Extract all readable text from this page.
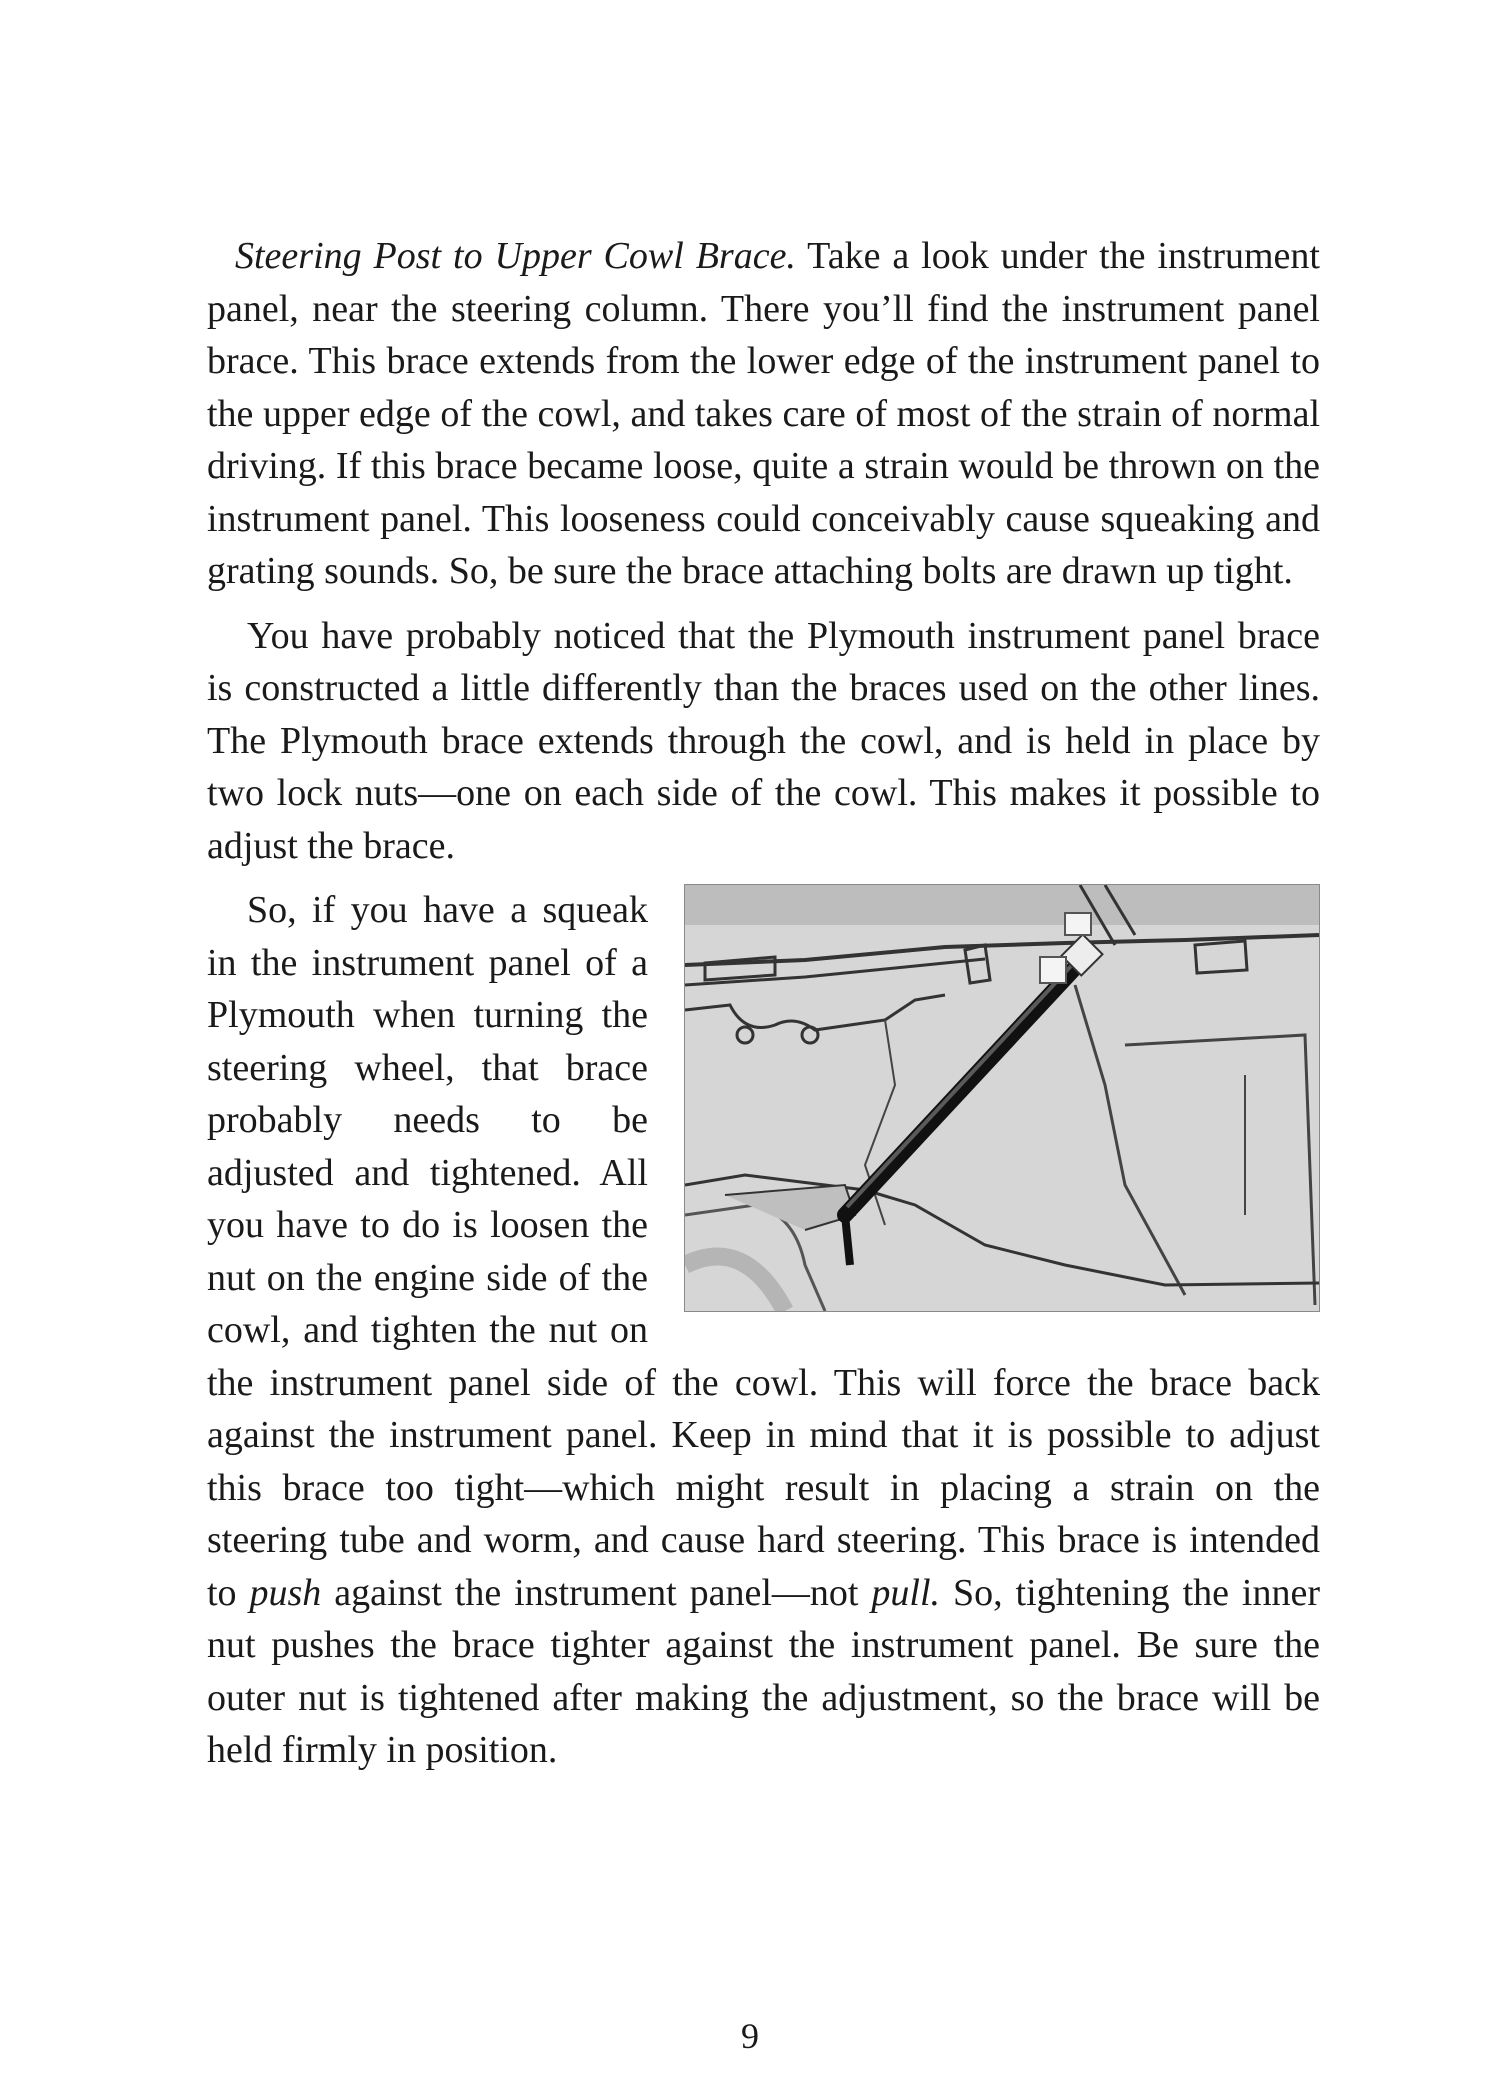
Steering Post to Upper Cowl Brace. Take a look under the instrument panel, near the steering column. There you’ll find the instrument panel brace. This brace extends from the lower edge of the instrument panel to the upper edge of the cowl, and takes care of most of the strain of normal driving. If this brace became loose, quite a strain would be thrown on the instrument panel. This looseness could conceivably cause squeaking and grating sounds. So, be sure the brace attaching bolts are drawn up tight.

You have probably noticed that the Plymouth instrument panel brace is constructed a little differently than the braces used on the other lines. The Plymouth brace extends through the cowl, and is held in place by two lock nuts—one on each side of the cowl. This makes it possible to adjust the brace.

So, if you have a squeak in the instrument panel of a Plymouth when turning the steering wheel, that brace probably needs to be adjusted and tightened. All you have to do is loosen the nut on the engine side of the cowl, and tighten the nut on the instrument panel side of the cowl. This will force the brace back against the instrument panel. Keep in mind that it is possible to adjust this brace too tight—which might result in placing a strain on the steering tube and worm, and cause hard steering. This brace is intended to push against the instrument panel—not pull. So, tightening the inner nut pushes the brace tighter against the instrument panel. Be sure the outer nut is tightened after making the adjustment, so the brace will be held firmly in position.

9
